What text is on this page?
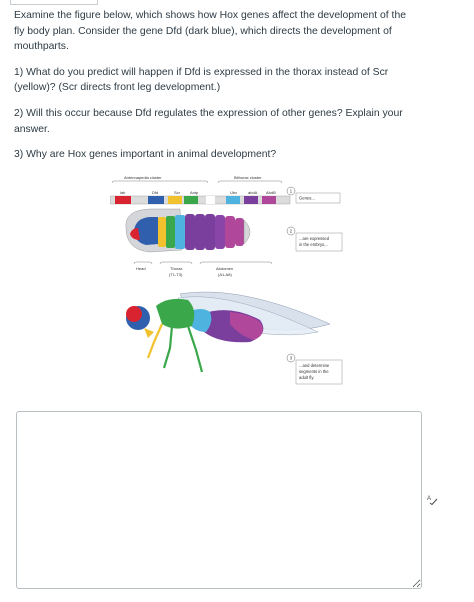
Examine the figure below, which shows how Hox genes affect the development of the fly body plan. Consider the gene Dfd (dark blue), which directs the development of mouthparts.

1) What do you predict will happen if Dfd is expressed in the thorax instead of Scr (yellow)? (Scr directs front leg development.)

2) Will this occur because Dfd regulates the expression of other genes? Explain your answer.

3) Why are Hox genes important in animal development?

Antennapedia cluster	Bithorax cluster
lab	Dfd	Scr	Antp	Ubx	abdA AbdB	1
Genes...
2
...are expressed
in the embryo...
Head	Thorax
(T1-T3)
Abdomen
(A1-A8)
3
...and determine
segments in the
adult fly.
A
